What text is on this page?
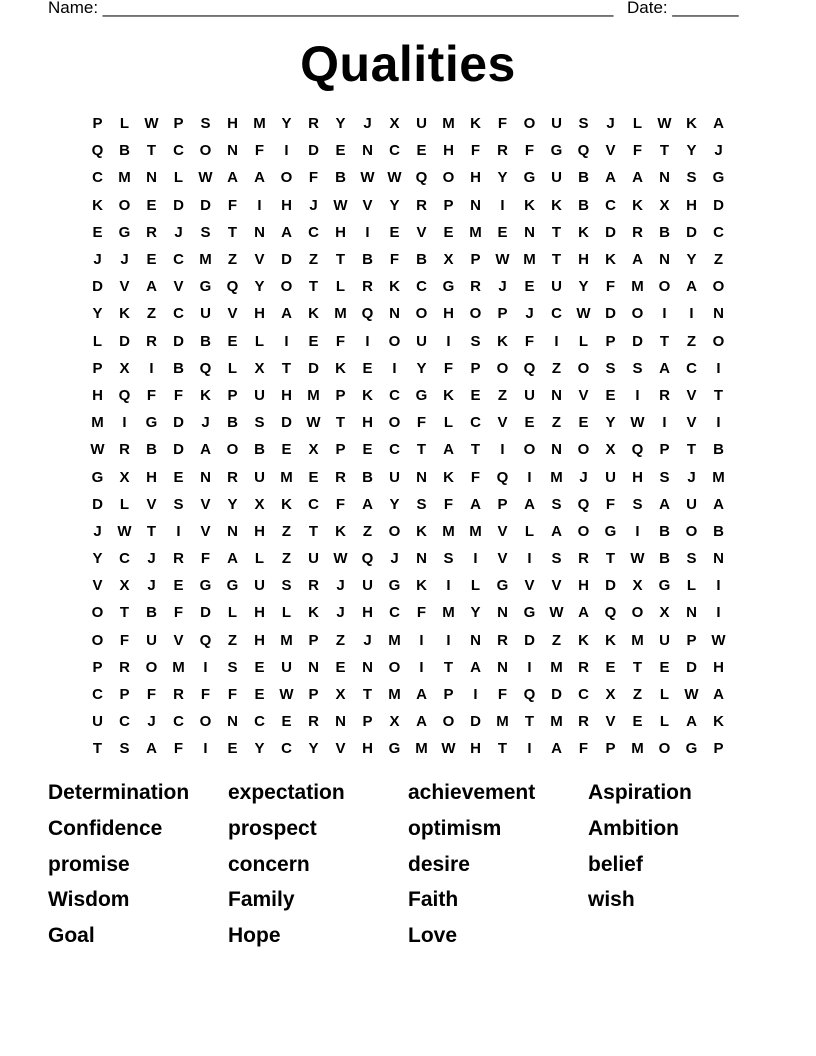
Name: ______________________________________________________ Date: _______
Qualities
P	L	W P	S	H	M	Y	R	Y	J	X	U	M	K	F	O	U	S	J	L	W K	A
Q	B	T	C	O	N	F	I	D	E	N	C	E	H	F	R	F	G	Q	V	F	T	Y	J
C	M	N	L	W A	A	O	F	B W W Q	O	H	Y	G	U	B	A	A	N	S	G
K	O	E	D	D	F	I	H	J	W V	Y	R	P	N	I	K	K	B	C	K	X	H	D
E	G	R	J	S	T	N	A	C	H	I	E	V	E	M	E	N	T	K	D	R	B	D	C
J	J	E	C	M	Z	V	D	Z	T	B	F	B	X	P W M	T	H	K	A	N	Y	Z
D	V	A	V	G	Q	Y	O	T	L	R	K	C	G	R	J	E	U	Y	F	M O	A	O
Y	K	Z	C	U	V	H	A	K	M Q	N	O	H	O	P	J	C W D	O	I	I	N
L	D	R	D	B	E	L	I	E	F	I	O	U	I	S	K	F	I	L	P	D	T	Z	O
P	X	I	B	Q	L	X	T	D	K	E	I	Y	F	P	O	Q	Z	O	S	S	A	C	I
H	Q	F	F	K	P	U	H	M	P	K	C	G	K	E	Z	U	N	V	E	I	R	V	T
M	I	G	D	J	B	S	D W	T	H	O	F	L	C	V	E	Z	E	Y W	I	V	I
W R	B	D	A	O	B	E	X	P	E	C	T	A	T	I	O	N	O	X	Q	P	T	B
G	X	H	E	N	R	U	M	E	R	B	U	N	K	F	Q	I	M	J	U	H	S	J	M
D	L	V	S	V	Y	X	K	C	F	A	Y	S	F	A	P	A	S	Q	F	S	A	U	A
J	W	T	I	V	N	H	Z	T	K	Z	O	K	M M	V	L	A	O	G	I	B	O	B
Y	C	J	R	F	A	L	Z	U W Q	J	N	S	I	V	I	S	R	T	W B	S	N
V	X	J	E	G	G	U	S	R	J	U	G	K	I	L	G	V	V	H	D	X	G	L	I
O	T	B	F	D	L	H	L	K	J	H	C	F	M	Y	N	G W A	Q	O	X	N	I
O	F	U	V	Q	Z	H	M	P	Z	J	M	I	I	N	R	D	Z	K	K	M	U	P W
P	R	O M	I	S	E	U	N	E	N	O	I	T	A	N	I	M	R	E	T	E	D	H
C	P	F	R	F	F	E W P	X	T	M	A	P	I	F	Q	D	C	X	Z	L	W A
U	C	J	C	O	N	C	E	R	N	P	X	A	O	D	M	T	M	R	V	E	L	A	K
T	S	A	F	I	E	Y	C	Y	V	H	G M W H	T	I	A	F	P	M O	G	P
Determination	expectation	achievement	Aspiration
Confidence	prospect	optimism	Ambition
promise	concern	desire	belief
Wisdom	Family	Faith	wish
Goal	Hope	Love
